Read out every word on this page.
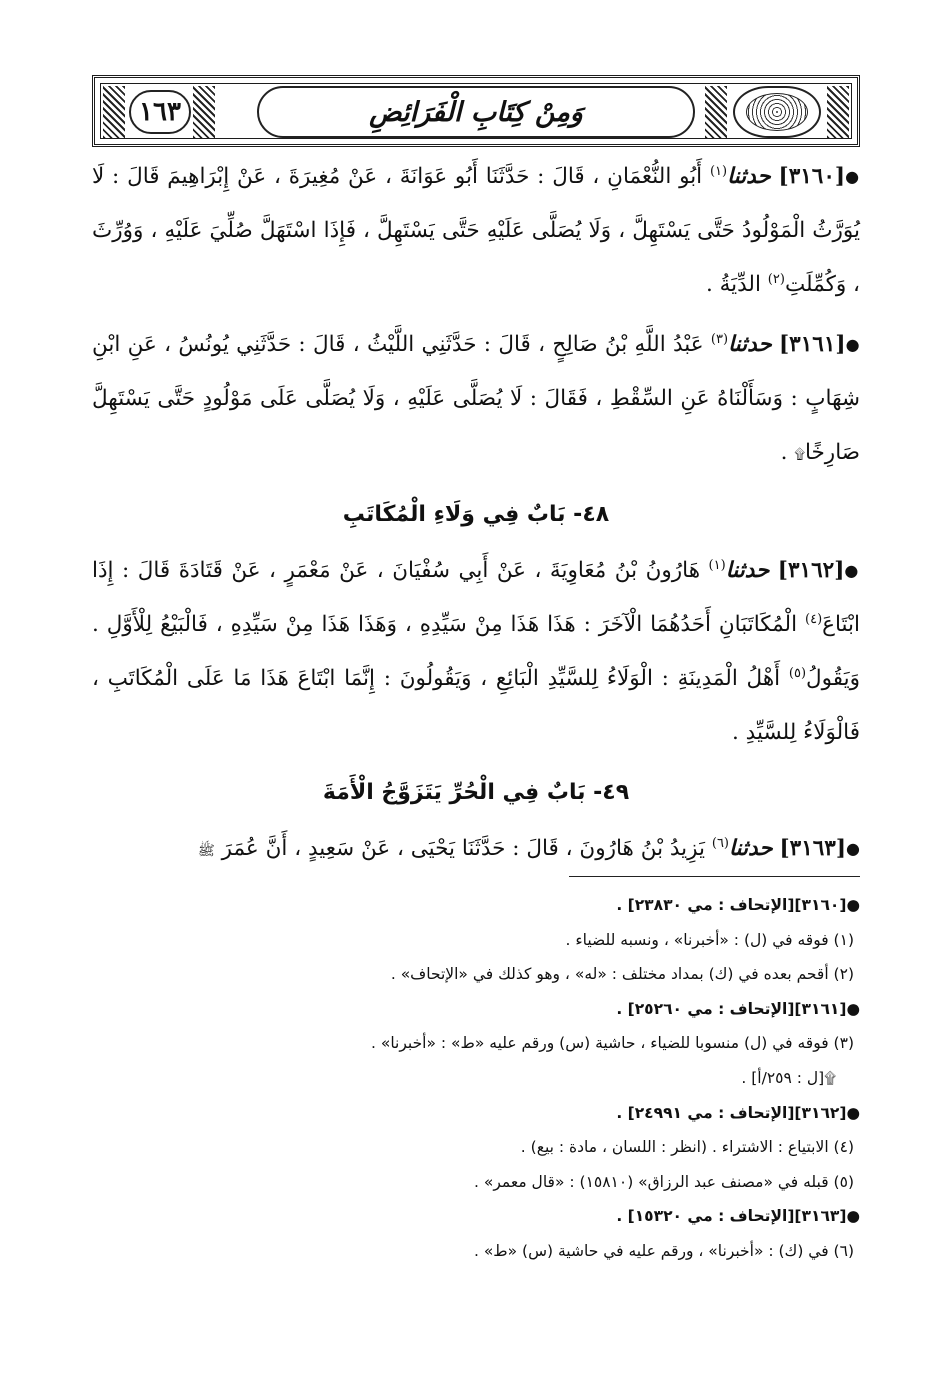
وَمِنْ كِتَابِ الْفَرَائِضِ
١٦٣

●[٣١٦٠] حدثنا$^{(١)}$ أَبُو النُّعْمَانِ ، قَالَ : حَدَّثَنَا أَبُو عَوَانَةَ ، عَنْ مُغِيرَةَ ، عَنْ إِبْرَاهِيمَ قَالَ : لَا يُوَرَّثُ الْمَوْلُودُ حَتَّى يَسْتَهِلَّ ، وَلَا يُصَلَّى عَلَيْهِ حَتَّى يَسْتَهِلَّ ، فَإِذَا اسْتَهَلَّ صُلِّيَ عَلَيْهِ ، وَوُرِّثَ ، وَكُمِّلَتِ$^{(٢)}$ الدِّيَةُ .

●[٣١٦١] حدثنا$^{(٣)}$ عَبْدُ اللَّهِ بْنُ صَالِحٍ ، قَالَ : حَدَّثَنِي اللَّيْثُ ، قَالَ : حَدَّثَنِي يُونُسُ ، عَنِ ابْنِ شِهَابٍ : وَسَأَلْنَاهُ عَنِ السِّقْطِ ، فَقَالَ : لَا يُصَلَّى عَلَيْهِ ، وَلَا يُصَلَّى عَلَى مَوْلُودٍ حَتَّى يَسْتَهِلَّ صَارِخًا۩ .

٤٨- بَابٌ فِي وَلَاءِ الْمُكَاتَبِ

●[٣١٦٢] حدثنا$^{(١)}$ هَارُونُ بْنُ مُعَاوِيَةَ ، عَنْ أَبِي سُفْيَانَ ، عَنْ مَعْمَرٍ ، عَنْ قَتَادَةَ قَالَ : إِذَا ابْتَاعَ$^{(٤)}$ الْمُكَاتَبَانِ أَحَدُهُمَا الْآخَرَ : هَذَا هَذَا مِنْ سَيِّدِهِ ، وَهَذَا هَذَا مِنْ سَيِّدِهِ ، فَالْبَيْعُ لِلْأَوَّلِ . وَيَقُولُ$^{(٥)}$ أَهْلُ الْمَدِينَةِ : الْوَلَاءُ لِلسَّيِّدِ الْبَائِعِ ، وَيَقُولُونَ : إِنَّمَا ابْتَاعَ هَذَا مَا عَلَى الْمُكَاتَبِ ، فَالْوَلَاءُ لِلسَّيِّدِ .

٤٩- بَابٌ فِي الْحُرِّ يَتَزَوَّجُ الْأَمَةَ

●[٣١٦٣] حدثنا$^{(٦)}$ يَزِيدُ بْنُ هَارُونَ ، قَالَ : حَدَّثَنَا يَحْيَى ، عَنْ سَعِيدٍ ، أَنَّ عُمَرَ ﷺ

●[٣١٦٠][الإتحاف : مي ٢٣٨٣٠] .

(١) فوقه في (ل) : «أخبرنا» ، ونسبه للضياء .

(٢) أقحم بعده في (ك) بمداد مختلف : «له» ، وهو كذلك في «الإتحاف» .

●[٣١٦١][الإتحاف : مي ٢٥٢٦٠] .

(٣) فوقه في (ل) منسوبا للضياء ، حاشية (س) ورقم عليه «ط» : «أخبرنا» .

۩[ل : ٢٥٩/أ] .

●[٣١٦٢][الإتحاف : مي ٢٤٩٩١] .

(٤) الابتياع : الاشتراء . (انظر : اللسان ، مادة : بيع) .

(٥) قبله في «مصنف عبد الرزاق» (١٥٨١٠) : «قال معمر» .

●[٣١٦٣][الإتحاف : مي ١٥٣٢٠] .

(٦) في (ك) : «أخبرنا» ، ورقم عليه في حاشية (س) «ط» .
